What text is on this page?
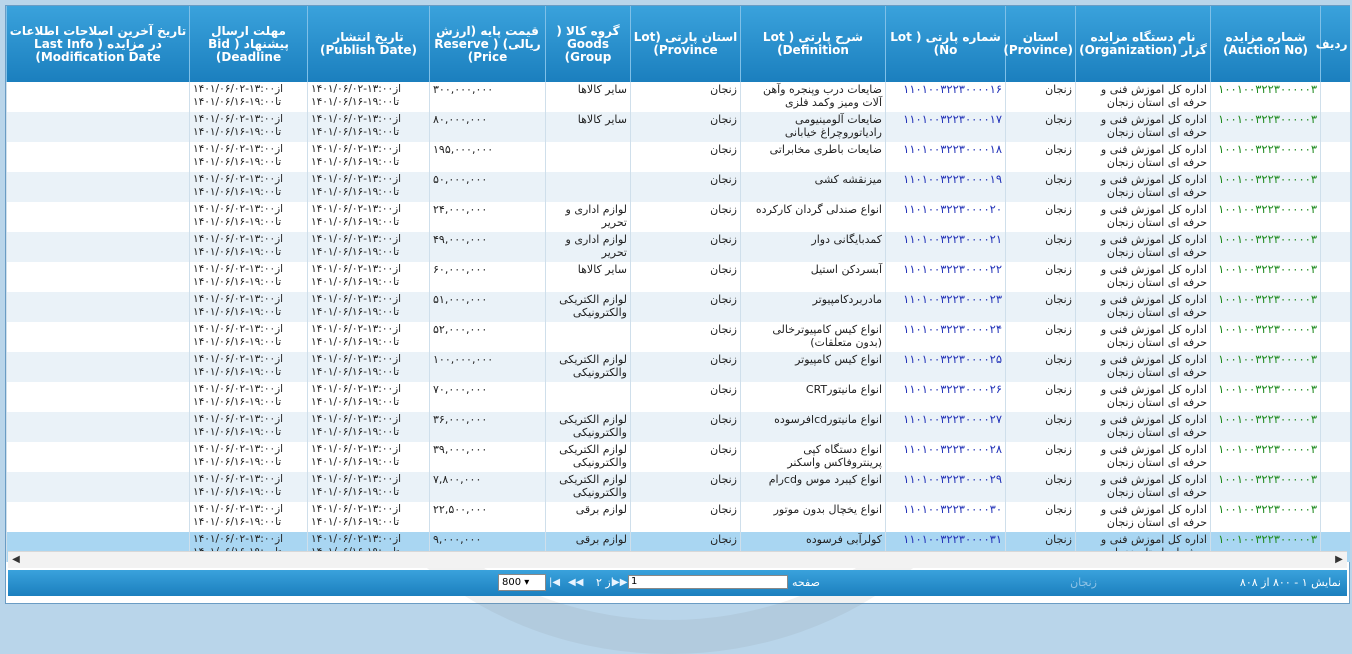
ردیف	شماره مزایده (Auction No)	نام دستگاه مزایده گزار (Organization)	استان (Province)	شماره پارتی ( Lot No)	شرح پارتی ( Lot Definition)	استان پارتی (Lot Province)	گروه کالا ( Goods Group)	قیمت پایه (ارزش ریالی) ( Reserve Price)	تاریخ انتشار (Publish Date)	مهلت ارسال پیشنهاد ( Bid Deadline)	تاریخ آخرین اصلاحات اطلاعات در مزایده ( Last Info Modification Date)
	۱۰۰۱۰۰۳۲۲۳۰۰۰۰۰۳	اداره کل اموزش فنی و حرفه ای استان زنجان	زنجان	۱۱۰۱۰۰۳۲۲۳۰۰۰۰۱۶	ضایعات درب وپنجره وآهن آلات ومیز وکمد فلزی	زنجان	سایر کالاها	۳۰۰,۰۰۰,۰۰۰	از۱۳:۰۰-۱۴۰۱/۰۶/۰۲ تا۱۹:۰۰-۱۴۰۱/۰۶/۱۶	از۱۳:۰۰-۱۴۰۱/۰۶/۰۲ تا۱۹:۰۰-۱۴۰۱/۰۶/۱۶	
	۱۰۰۱۰۰۳۲۲۳۰۰۰۰۰۳	اداره کل اموزش فنی و حرفه ای استان زنجان	زنجان	۱۱۰۱۰۰۳۲۲۳۰۰۰۰۱۷	ضایعات آلومینیومی رادیاتوروچراغ خیابانی	زنجان	سایر کالاها	۸۰,۰۰۰,۰۰۰	از۱۳:۰۰-۱۴۰۱/۰۶/۰۲ تا۱۹:۰۰-۱۴۰۱/۰۶/۱۶	از۱۳:۰۰-۱۴۰۱/۰۶/۰۲ تا۱۹:۰۰-۱۴۰۱/۰۶/۱۶	
	۱۰۰۱۰۰۳۲۲۳۰۰۰۰۰۳	اداره کل اموزش فنی و حرفه ای استان زنجان	زنجان	۱۱۰۱۰۰۳۲۲۳۰۰۰۰۱۸	ضایعات باطری مخابراتی	زنجان		۱۹۵,۰۰۰,۰۰۰	از۱۳:۰۰-۱۴۰۱/۰۶/۰۲ تا۱۹:۰۰-۱۴۰۱/۰۶/۱۶	از۱۳:۰۰-۱۴۰۱/۰۶/۰۲ تا۱۹:۰۰-۱۴۰۱/۰۶/۱۶	
	۱۰۰۱۰۰۳۲۲۳۰۰۰۰۰۳	اداره کل اموزش فنی و حرفه ای استان زنجان	زنجان	۱۱۰۱۰۰۳۲۲۳۰۰۰۰۱۹	میزنقشه کشی	زنجان		۵۰,۰۰۰,۰۰۰	از۱۳:۰۰-۱۴۰۱/۰۶/۰۲ تا۱۹:۰۰-۱۴۰۱/۰۶/۱۶	از۱۳:۰۰-۱۴۰۱/۰۶/۰۲ تا۱۹:۰۰-۱۴۰۱/۰۶/۱۶	
	۱۰۰۱۰۰۳۲۲۳۰۰۰۰۰۳	اداره کل اموزش فنی و حرفه ای استان زنجان	زنجان	۱۱۰۱۰۰۳۲۲۳۰۰۰۰۲۰	انواع صندلی گردان کارکرده	زنجان	لوازم اداری و تحریر	۲۴,۰۰۰,۰۰۰	از۱۳:۰۰-۱۴۰۱/۰۶/۰۲ تا۱۹:۰۰-۱۴۰۱/۰۶/۱۶	از۱۳:۰۰-۱۴۰۱/۰۶/۰۲ تا۱۹:۰۰-۱۴۰۱/۰۶/۱۶	
	۱۰۰۱۰۰۳۲۲۳۰۰۰۰۰۳	اداره کل اموزش فنی و حرفه ای استان زنجان	زنجان	۱۱۰۱۰۰۳۲۲۳۰۰۰۰۲۱	کمدبایگانی دوار	زنجان	لوازم اداری و تحریر	۴۹,۰۰۰,۰۰۰	از۱۳:۰۰-۱۴۰۱/۰۶/۰۲ تا۱۹:۰۰-۱۴۰۱/۰۶/۱۶	از۱۳:۰۰-۱۴۰۱/۰۶/۰۲ تا۱۹:۰۰-۱۴۰۱/۰۶/۱۶	
	۱۰۰۱۰۰۳۲۲۳۰۰۰۰۰۳	اداره کل اموزش فنی و حرفه ای استان زنجان	زنجان	۱۱۰۱۰۰۳۲۲۳۰۰۰۰۲۲	آبسردکن استیل	زنجان	سایر کالاها	۶۰,۰۰۰,۰۰۰	از۱۳:۰۰-۱۴۰۱/۰۶/۰۲ تا۱۹:۰۰-۱۴۰۱/۰۶/۱۶	از۱۳:۰۰-۱۴۰۱/۰۶/۰۲ تا۱۹:۰۰-۱۴۰۱/۰۶/۱۶	
	۱۰۰۱۰۰۳۲۲۳۰۰۰۰۰۳	اداره کل اموزش فنی و حرفه ای استان زنجان	زنجان	۱۱۰۱۰۰۳۲۲۳۰۰۰۰۲۳	مادربردکامپیوتر	زنجان	لوازم الکتریکی والکترونیکی	۵۱,۰۰۰,۰۰۰	از۱۳:۰۰-۱۴۰۱/۰۶/۰۲ تا۱۹:۰۰-۱۴۰۱/۰۶/۱۶	از۱۳:۰۰-۱۴۰۱/۰۶/۰۲ تا۱۹:۰۰-۱۴۰۱/۰۶/۱۶	
	۱۰۰۱۰۰۳۲۲۳۰۰۰۰۰۳	اداره کل اموزش فنی و حرفه ای استان زنجان	زنجان	۱۱۰۱۰۰۳۲۲۳۰۰۰۰۲۴	انواع کیس کامپیوترخالی (بدون متعلقات)	زنجان		۵۲,۰۰۰,۰۰۰	از۱۳:۰۰-۱۴۰۱/۰۶/۰۲ تا۱۹:۰۰-۱۴۰۱/۰۶/۱۶	از۱۳:۰۰-۱۴۰۱/۰۶/۰۲ تا۱۹:۰۰-۱۴۰۱/۰۶/۱۶	
	۱۰۰۱۰۰۳۲۲۳۰۰۰۰۰۳	اداره کل اموزش فنی و حرفه ای استان زنجان	زنجان	۱۱۰۱۰۰۳۲۲۳۰۰۰۰۲۵	انواع کیس کامپیوتر	زنجان	لوازم الکتریکی والکترونیکی	۱۰۰,۰۰۰,۰۰۰	از۱۳:۰۰-۱۴۰۱/۰۶/۰۲ تا۱۹:۰۰-۱۴۰۱/۰۶/۱۶	از۱۳:۰۰-۱۴۰۱/۰۶/۰۲ تا۱۹:۰۰-۱۴۰۱/۰۶/۱۶	
	۱۰۰۱۰۰۳۲۲۳۰۰۰۰۰۳	اداره کل اموزش فنی و حرفه ای استان زنجان	زنجان	۱۱۰۱۰۰۳۲۲۳۰۰۰۰۲۶	انواع مانیتورCRT	زنجان		۷۰,۰۰۰,۰۰۰	از۱۳:۰۰-۱۴۰۱/۰۶/۰۲ تا۱۹:۰۰-۱۴۰۱/۰۶/۱۶	از۱۳:۰۰-۱۴۰۱/۰۶/۰۲ تا۱۹:۰۰-۱۴۰۱/۰۶/۱۶	
	۱۰۰۱۰۰۳۲۲۳۰۰۰۰۰۳	اداره کل اموزش فنی و حرفه ای استان زنجان	زنجان	۱۱۰۱۰۰۳۲۲۳۰۰۰۰۲۷	انواع مانیتورlcdفرسوده	زنجان	لوازم الکتریکی والکترونیکی	۳۶,۰۰۰,۰۰۰	از۱۳:۰۰-۱۴۰۱/۰۶/۰۲ تا۱۹:۰۰-۱۴۰۱/۰۶/۱۶	از۱۳:۰۰-۱۴۰۱/۰۶/۰۲ تا۱۹:۰۰-۱۴۰۱/۰۶/۱۶	
	۱۰۰۱۰۰۳۲۲۳۰۰۰۰۰۳	اداره کل اموزش فنی و حرفه ای استان زنجان	زنجان	۱۱۰۱۰۰۳۲۲۳۰۰۰۰۲۸	انواع دستگاه کپی پرینتروفاکس واسکنر	زنجان	لوازم الکتریکی والکترونیکی	۳۹,۰۰۰,۰۰۰	از۱۳:۰۰-۱۴۰۱/۰۶/۰۲ تا۱۹:۰۰-۱۴۰۱/۰۶/۱۶	از۱۳:۰۰-۱۴۰۱/۰۶/۰۲ تا۱۹:۰۰-۱۴۰۱/۰۶/۱۶	
	۱۰۰۱۰۰۳۲۲۳۰۰۰۰۰۳	اداره کل اموزش فنی و حرفه ای استان زنجان	زنجان	۱۱۰۱۰۰۳۲۲۳۰۰۰۰۲۹	انواع کیبرد موس وcdرام	زنجان	لوازم الکتریکی والکترونیکی	۷,۸۰۰,۰۰۰	از۱۳:۰۰-۱۴۰۱/۰۶/۰۲ تا۱۹:۰۰-۱۴۰۱/۰۶/۱۶	از۱۳:۰۰-۱۴۰۱/۰۶/۰۲ تا۱۹:۰۰-۱۴۰۱/۰۶/۱۶	
	۱۰۰۱۰۰۳۲۲۳۰۰۰۰۰۳	اداره کل اموزش فنی و حرفه ای استان زنجان	زنجان	۱۱۰۱۰۰۳۲۲۳۰۰۰۰۳۰	انواع یخچال بدون موتور	زنجان	لوازم برقی	۲۲,۵۰۰,۰۰۰	از۱۳:۰۰-۱۴۰۱/۰۶/۰۲ تا۱۹:۰۰-۱۴۰۱/۰۶/۱۶	از۱۳:۰۰-۱۴۰۱/۰۶/۰۲ تا۱۹:۰۰-۱۴۰۱/۰۶/۱۶	
	۱۰۰۱۰۰۳۲۲۳۰۰۰۰۰۳	اداره کل اموزش فنی و	زنجان	۱۱۰۱۰۰۳۲۲۳۰۰۰۰۳۱	کولرآبی فرسوده	زنجان	لوازم برقی	۹,۰۰۰,۰۰۰	از۱۳:۰۰-۱۴۰۱/۰۶/۰۲	از۱۳:۰۰-۱۴۰۱/۰۶/۰۲	
◀	▶
نمایش ۱ - ۸۰۰ از ۸۰۸
زنجان
صفحه
1
از ۲
|◀ ◀◀	▶▶
800 ▾
